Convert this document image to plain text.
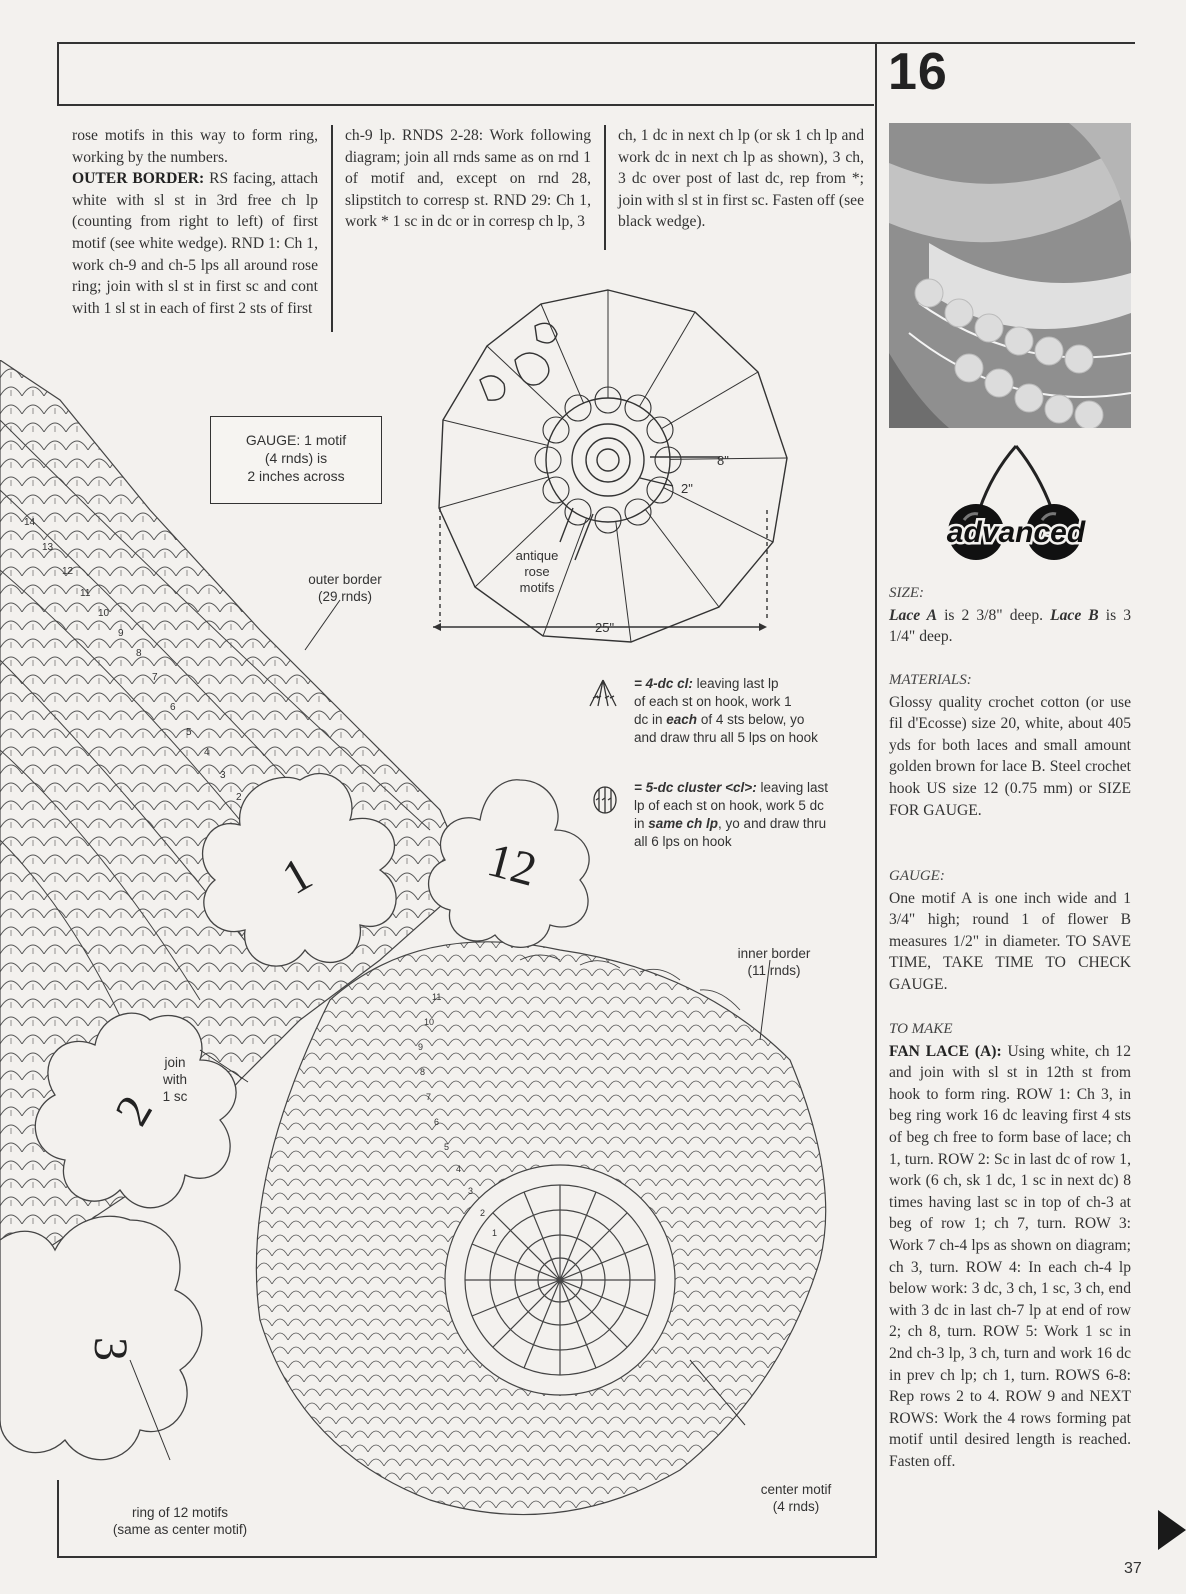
16
rose motifs in this way to form ring, working by the numbers.
OUTER BORDER: RS facing, attach white with sl st in 3rd free ch lp (counting from right to left) of first motif (see white wedge). RND 1: Ch 1, work ch-9 and ch-5 lps all around rose ring; join with sl st in first sc and cont with 1 sl st in each of first 2 sts of first
ch-9 lp. RNDS 2-28: Work following diagram; join all rnds same as on rnd 1 of motif and, except on rnd 28, slipstitch to corresp st. RND 29: Ch 1, work * 1 sc in dc or in corresp ch lp, 3
ch, 1 dc in next ch lp (or sk 1 ch lp and work dc in next ch lp as shown), 3 ch, 3 dc over post of last dc, rep from *; join with sl st in first sc. Fasten off (see black wedge).
GAUGE: 1 motif
(4 rnds) is
2 inches across
8"
2"
25"
antique
rose
motifs
= 4-dc cl: leaving last lp
of each st on hook, work 1
dc in each of 4 sts below, yo
and draw thru all 5 lps on hook
= 5-dc cluster <cl>: leaving last
lp of each st on hook, work 5 dc
in same ch lp, yo and draw thru
all 6 lps on hook
1
2
3
12
14
13
12
11
10
9
8
7
6
5
4
3
2
11
10
9
8
7
6
5
4
3
2
1
outer border
(29 rnds)
inner border
(11 rnds)
join
with
1 sc
center motif
(4 rnds)
ring of 12 motifs
(same as center motif)
advanced
SIZE:
Lace A is 2 3/8" deep. Lace B is 3 1/4" deep.
MATERIALS:
Glossy quality crochet cotton (or use fil d'Ecosse) size 20, white, about 405 yds for both laces and small amount golden brown for lace B. Steel crochet hook US size 12 (0.75 mm) or SIZE FOR GAUGE.
GAUGE:
One motif A is one inch wide and 1 3/4" high; round 1 of flower B measures 1/2" in diameter. TO SAVE TIME, TAKE TIME TO CHECK GAUGE.
TO MAKE
FAN LACE (A): Using white, ch 12 and join with sl st in 12th st from hook to form ring. ROW 1: Ch 3, in beg ring work 16 dc leaving first 4 sts of beg ch free to form base of lace; ch 1, turn. ROW 2: Sc in last dc of row 1, work (6 ch, sk 1 dc, 1 sc in next dc) 8 times having last sc in top of ch-3 at beg of row 1; ch 7, turn. ROW 3: Work 7 ch-4 lps as shown on diagram; ch 3, turn. ROW 4: In each ch-4 lp below work: 3 dc, 3 ch, 1 sc, 3 ch, end with 3 dc in last ch-7 lp at end of row 2; ch 8, turn. ROW 5: Work 1 sc in 2nd ch-3 lp, 3 ch, turn and work 16 dc in prev ch lp; ch 1, turn. ROWS 6-8: Rep rows 2 to 4. ROW 9 and NEXT ROWS: Work the 4 rows forming pat motif until desired length is reached. Fasten off.
37
